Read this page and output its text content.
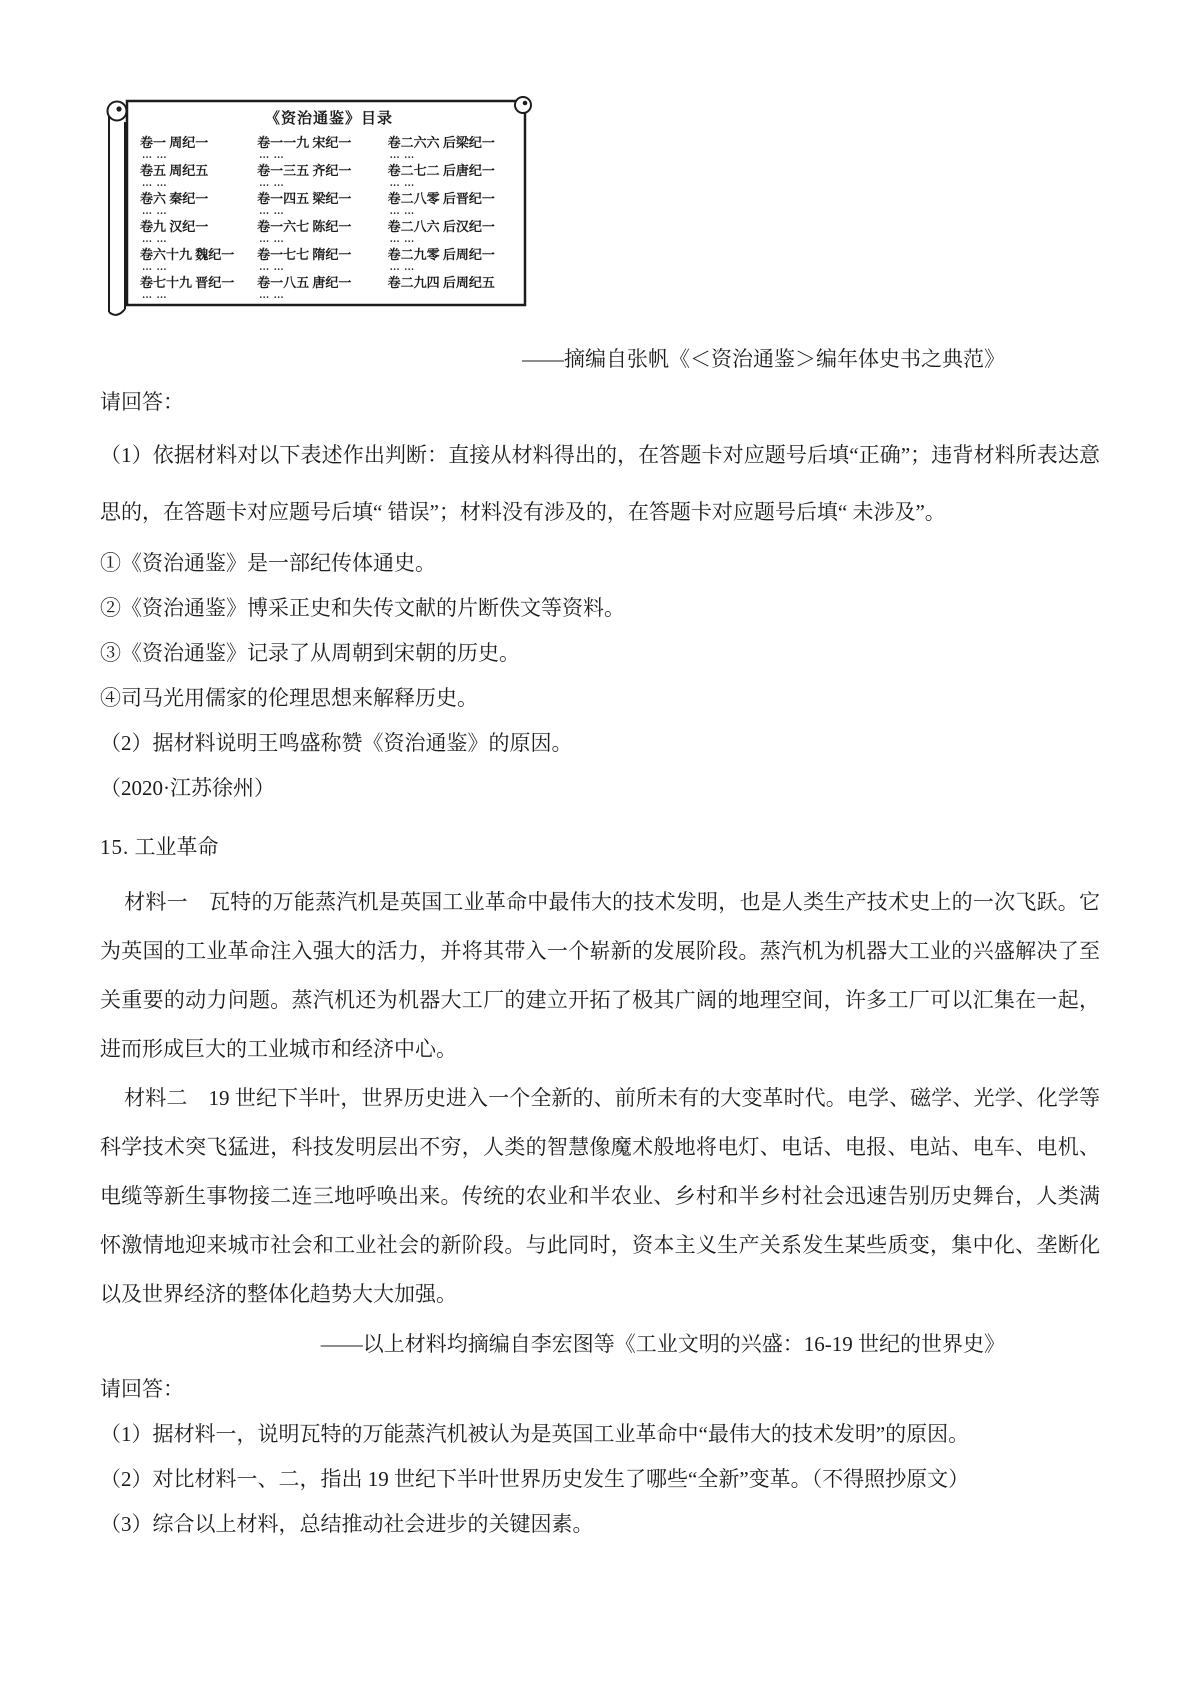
《资治通鉴》目录
卷一 周纪一
… …
卷五 周纪五
… …
卷六 秦纪一
… …
卷九 汉纪一
… …
卷六十九 魏纪一
… …
卷七十九 晋纪一
… …
卷一一九 宋纪一
… …
卷一三五 齐纪一
… …
卷一四五 梁纪一
… …
卷一六七 陈纪一
… …
卷一七七 隋纪一
… …
卷一八五 唐纪一
… …
卷二六六 后梁纪一
… …
卷二七二 后唐纪一
… …
卷二八零 后晋纪一
… …
卷二八六 后汉纪一
… …
卷二九零 后周纪一
… …
卷二九四 后周纪五

——摘编自张帆《＜资治通鉴＞编年体史书之典范》

请回答：

（1）依据材料对以下表述作出判断：直接从材料得出的，在答题卡对应题号后填“正确”；违背材料所表达意思的，在答题卡对应题号后填“ 错误”；材料没有涉及的，在答题卡对应题号后填“ 未涉及”。

①《资治通鉴》是一部纪传体通史。

②《资治通鉴》博采正史和失传文献的片断佚文等资料。

③《资治通鉴》记录了从周朝到宋朝的历史。

④司马光用儒家的伦理思想来解释历史。

（2）据材料说明王鸣盛称赞《资治通鉴》的原因。

（2020·江苏徐州）

15. 工业革命

材料一　瓦特的万能蒸汽机是英国工业革命中最伟大的技术发明，也是人类生产技术史上的一次飞跃。它为英国的工业革命注入强大的活力，并将其带入一个崭新的发展阶段。蒸汽机为机器大工业的兴盛解决了至关重要的动力问题。蒸汽机还为机器大工厂的建立开拓了极其广阔的地理空间，许多工厂可以汇集在一起，进而形成巨大的工业城市和经济中心。

材料二　19 世纪下半叶，世界历史进入一个全新的、前所未有的大变革时代。电学、磁学、光学、化学等科学技术突飞猛进，科技发明层出不穷，人类的智慧像魔术般地将电灯、电话、电报、电站、电车、电机、电缆等新生事物接二连三地呼唤出来。传统的农业和半农业、乡村和半乡村社会迅速告别历史舞台，人类满怀激情地迎来城市社会和工业社会的新阶段。与此同时，资本主义生产关系发生某些质变，集中化、垄断化以及世界经济的整体化趋势大大加强。

——以上材料均摘编自李宏图等《工业文明的兴盛：16-19 世纪的世界史》

请回答：

（1）据材料一，说明瓦特的万能蒸汽机被认为是英国工业革命中“最伟大的技术发明”的原因。

（2）对比材料一、二，指出 19 世纪下半叶世界历史发生了哪些“全新”变革。（不得照抄原文）

（3）综合以上材料，总结推动社会进步的关键因素。
